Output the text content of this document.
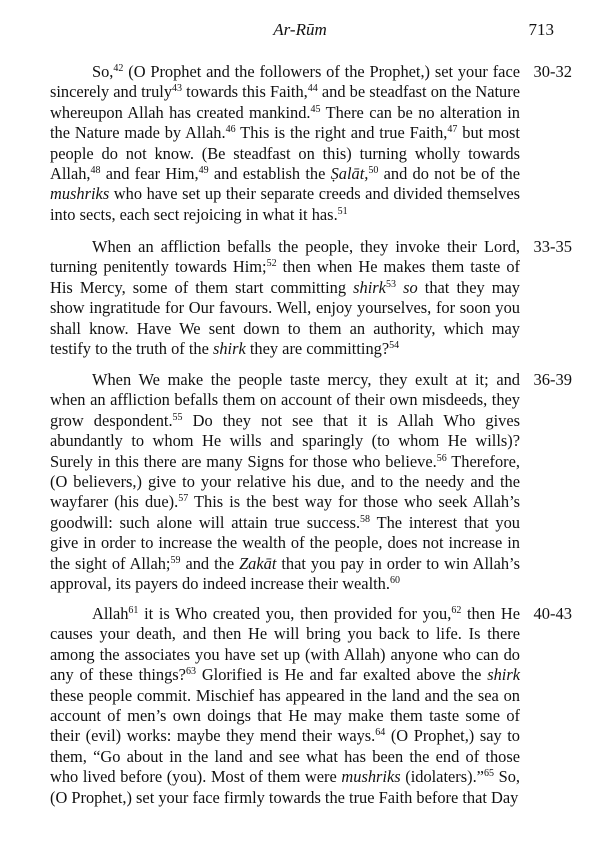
Ar-Rūm	713
30-32
So,$^{42}$ (O Prophet and the followers of the Prophet,) set your face
sincerely and truly$^{43}$ towards this Faith,$^{44}$ and be steadfast on the Nature
whereupon Allah has created mankind.$^{45}$ There can be no alteration in
the Nature made by Allah.$^{46}$ This is the right and true Faith,$^{47}$ but most
people do not know. (Be steadfast on this) turning wholly towards
Allah,$^{48}$ and fear Him,$^{49}$ and establish the Ṣalāt,$^{50}$ and do not be of the
mushriks who have set up their separate creeds and divided themselves
into sects, each sect rejoicing in what it has.$^{51}$
33-35
When an affliction befalls the people, they invoke their Lord,
turning penitently towards Him;$^{52}$ then when He makes them taste of
His Mercy, some of them start committing shirk$^{53}$ so that they may
show ingratitude for Our favours. Well, enjoy yourselves, for soon you
shall know. Have We sent down to them an authority, which may
testify to the truth of the shirk they are committing?$^{54}$
36-39
When We make the people taste mercy, they exult at it; and
when an affliction befalls them on account of their own misdeeds, they
grow despondent.$^{55}$ Do they not see that it is Allah Who gives
abundantly to whom He wills and sparingly (to whom He wills)?
Surely in this there are many Signs for those who believe.$^{56}$ Therefore,
(O believers,) give to your relative his due, and to the needy and the
wayfarer (his due).$^{57}$ This is the best way for those who seek Allah’s
goodwill: such alone will attain true success.$^{58}$ The interest that you
give in order to increase the wealth of the people, does not increase in
the sight of Allah;$^{59}$ and the Zakāt that you pay in order to win Allah’s
approval, its payers do indeed increase their wealth.$^{60}$
40-43
Allah$^{61}$ it is Who created you, then provided for you,$^{62}$ then He
causes your death, and then He will bring you back to life. Is there
among the associates you have set up (with Allah) anyone who can do
any of these things?$^{63}$ Glorified is He and far exalted above the shirk
these people commit. Mischief has appeared in the land and the sea on
account of men’s own doings that He may make them taste some of
their (evil) works: maybe they mend their ways.$^{64}$ (O Prophet,) say to
them, “Go about in the land and see what has been the end of those
who lived before (you). Most of them were mushriks (idolaters).”$^{65}$ So,
(O Prophet,) set your face firmly towards the true Faith before that Day
